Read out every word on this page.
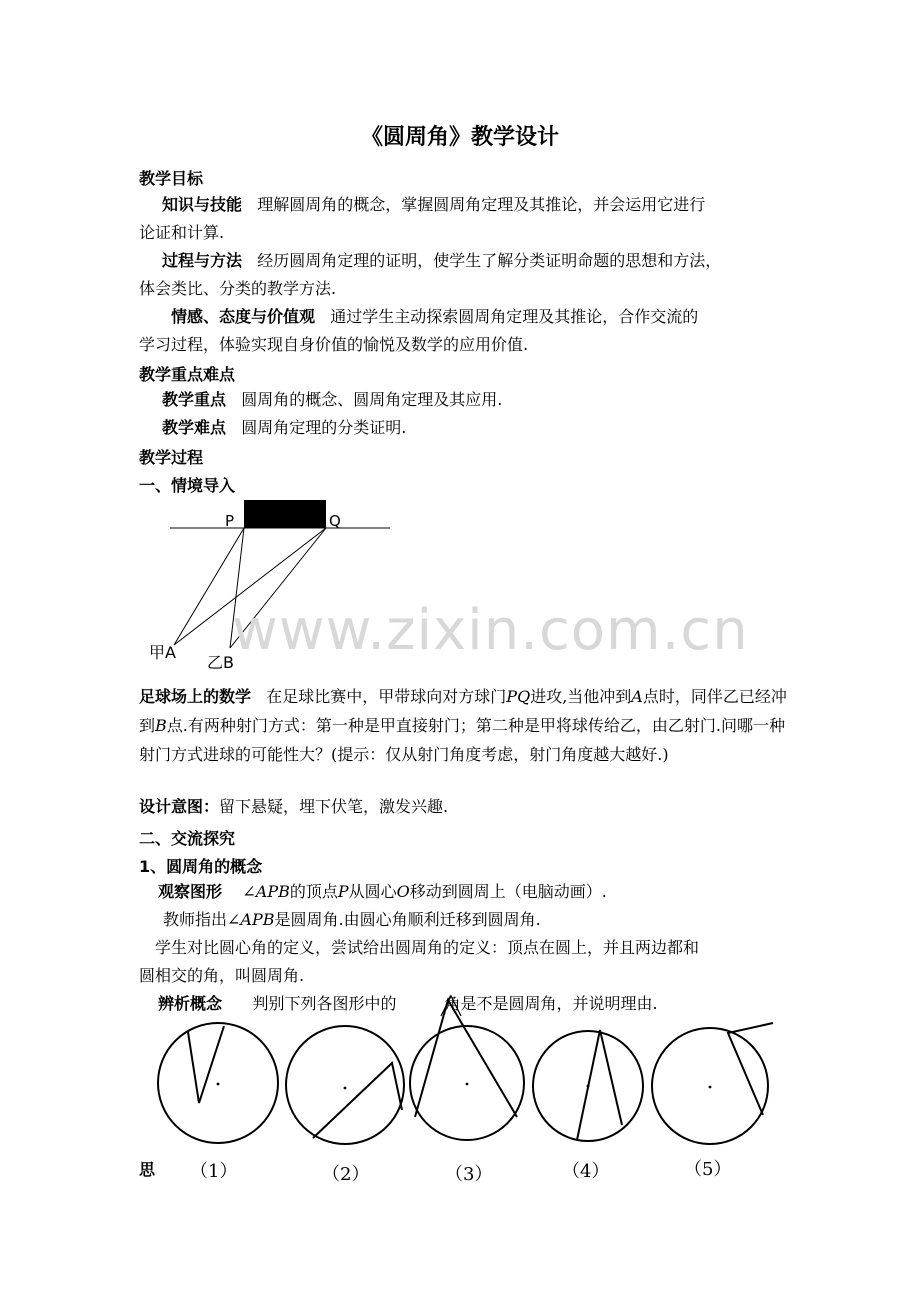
《圆周角》教学设计
教学目标
知识与技能 理解圆周角的概念，掌握圆周角定理及其推论，并会运用它进行
论证和计算.
过程与方法 经历圆周角定理的证明，使学生了解分类证明命题的思想和方法，
体会类比、分类的教学方法.
情感、态度与价值观 通过学生主动探索圆周角定理及其推论，合作交流的
学习过程，体验实现自身价值的愉悦及数学的应用价值.
教学重点难点
教学重点 圆周角的概念、圆周角定理及其应用.
教学难点 圆周角定理的分类证明.
教学过程
一、情境导入
P	Q
甲A
乙B
www.zixin.com.cn
足球场上的数学 在足球比赛中，甲带球向对方球门PQ进攻,当他冲到A点时，同伴乙已经冲到B点.有两种射门方式：第一种是甲直接射门；第二种是甲将球传给乙，由乙射门.问哪一种射门方式进球的可能性大？(提示：仅从射门角度考虑，射门角度越大越好.)
设计意图：留下悬疑，埋下伏笔，激发兴趣.
二、交流探究
1、圆周角的概念
观察图形 ∠APB的顶点P从圆心O移动到圆周上（电脑动画）.
教师指出∠APB是圆周角.由圆心角顺利迁移到圆周角.
学生对比圆心角的定义，尝试给出圆周角的定义：顶点在圆上，并且两边都和
圆相交的角，叫圆周角.
辨析概念 判别下列各图形中的	角是不是圆周角，并说明理由.
思	（1）	（2）	（3）	（4）	（5）
